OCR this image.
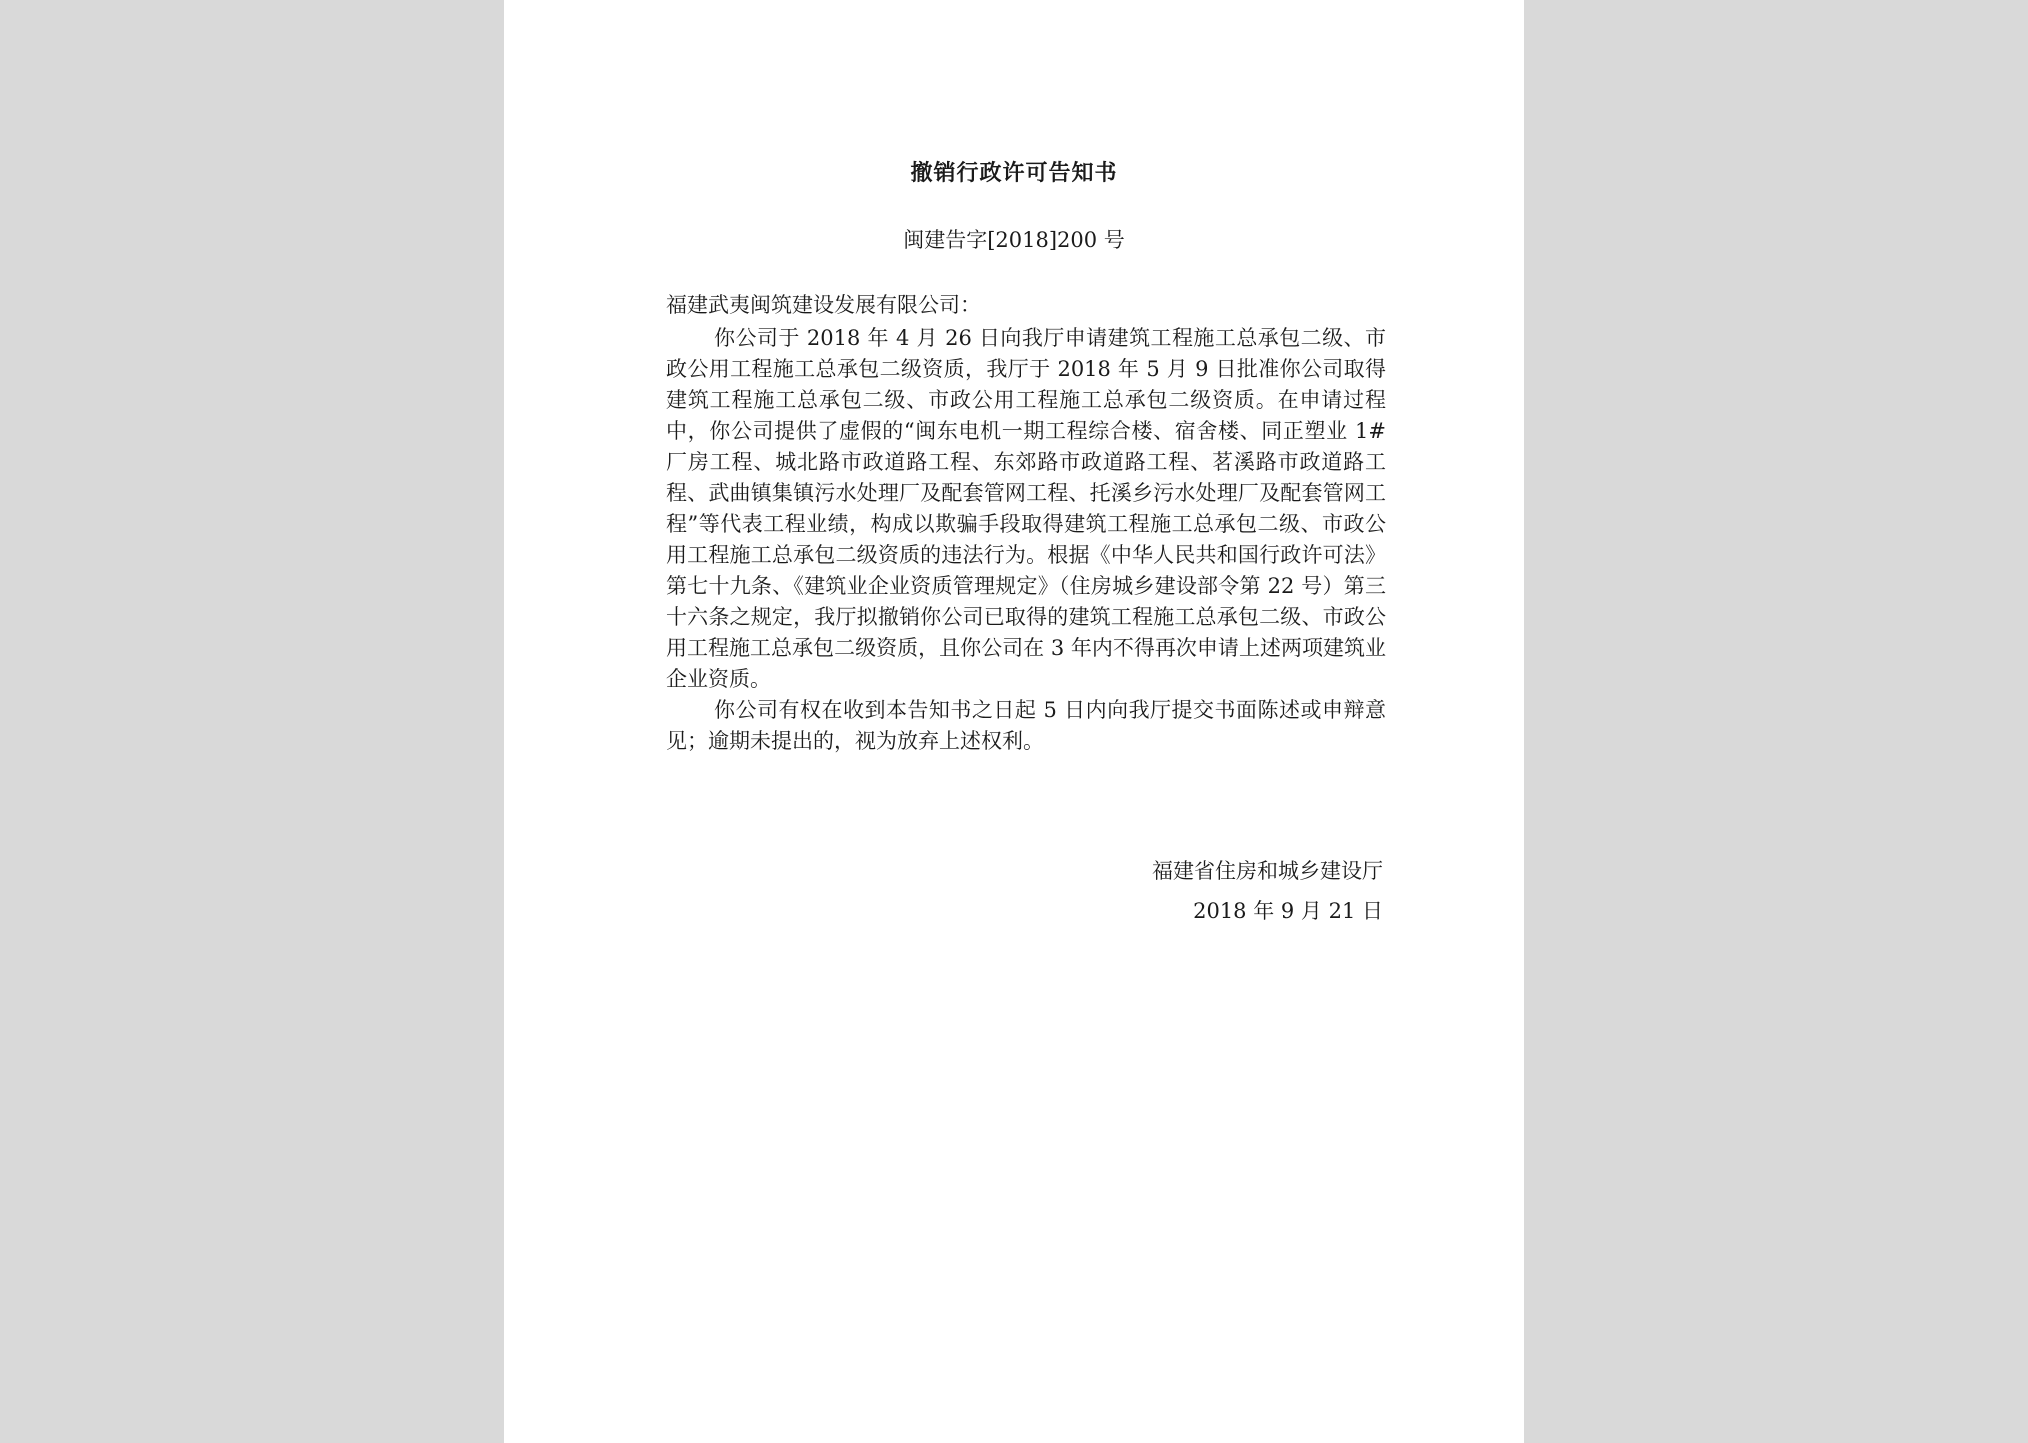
撤销行政许可告知书
闽建告字[2018]200 号

福建武夷闽筑建设发展有限公司：

你公司于 2018 年 4 月 26 日向我厅申请建筑工程施工总承包二级、市政公用工程施工总承包二级资质，我厅于 2018 年 5 月 9 日批准你公司取得建筑工程施工总承包二级、市政公用工程施工总承包二级资质。在申请过程中，你公司提供了虚假的“闽东电机一期工程综合楼、宿舍楼、同正塑业 1#厂房工程、城北路市政道路工程、东郊路市政道路工程、茗溪路市政道路工程、武曲镇集镇污水处理厂及配套管网工程、托溪乡污水处理厂及配套管网工程”等代表工程业绩，构成以欺骗手段取得建筑工程施工总承包二级、市政公用工程施工总承包二级资质的违法行为。根据《中华人民共和国行政许可法》第七十九条、《建筑业企业资质管理规定》（住房城乡建设部令第 22 号）第三十六条之规定，我厅拟撤销你公司已取得的建筑工程施工总承包二级、市政公用工程施工总承包二级资质，且你公司在 3 年内不得再次申请上述两项建筑业企业资质。

你公司有权在收到本告知书之日起 5 日内向我厅提交书面陈述或申辩意见；逾期未提出的，视为放弃上述权利。

福建省住房和城乡建设厅
2018 年 9 月 21 日
